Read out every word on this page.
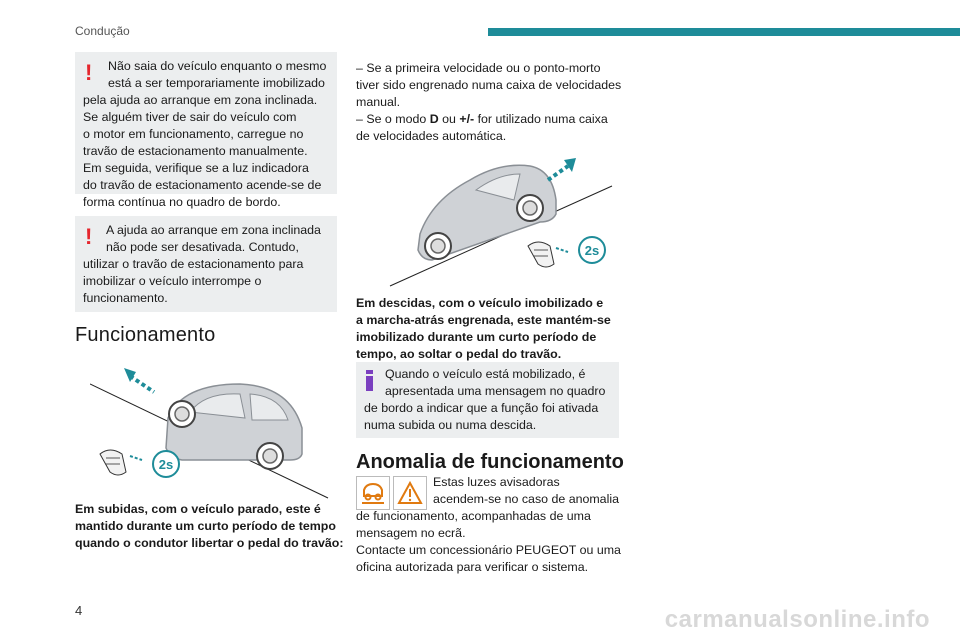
Condução
! Não saia do veículo enquanto o mesmo

está a ser temporariamente imobilizado

pela ajuda ao arranque em zona inclinada.

Se alguém tiver de sair do veículo com

o motor em funcionamento, carregue no

travão de estacionamento manualmente.

Em seguida, verifique se a luz indicadora

do travão de estacionamento acende-se de

forma contínua no quadro de bordo.

! A ajuda ao arranque em zona inclinada

não pode ser desativada. Contudo,

utilizar o travão de estacionamento para

imobilizar o veículo interrompe o

funcionamento.

Funcionamento
2s

Em subidas, com o veículo parado, este é

mantido durante um curto período de tempo

quando o condutor libertar o pedal do travão:

– Se a primeira velocidade ou o ponto-morto

tiver sido engrenado numa caixa de velocidades

manual.

– Se o modo D ou +/- for utilizado numa caixa

de velocidades automática.

2s

Em descidas, com o veículo imobilizado e

a marcha-atrás engrenada, este mantém-se

imobilizado durante um curto período de

tempo, ao soltar o pedal do travão.

Quando o veículo está mobilizado, é

apresentada uma mensagem no quadro

de bordo a indicar que a função foi ativada

numa subida ou numa descida.

Anomalia de funcionamento

Estas luzes avisadoras

acendem-se no caso de anomalia

de funcionamento, acompanhadas de uma

mensagem no ecrã.

Contacte um concessionário PEUGEOT ou uma

oficina autorizada para verificar o sistema.

4	carmanualsonline.info
